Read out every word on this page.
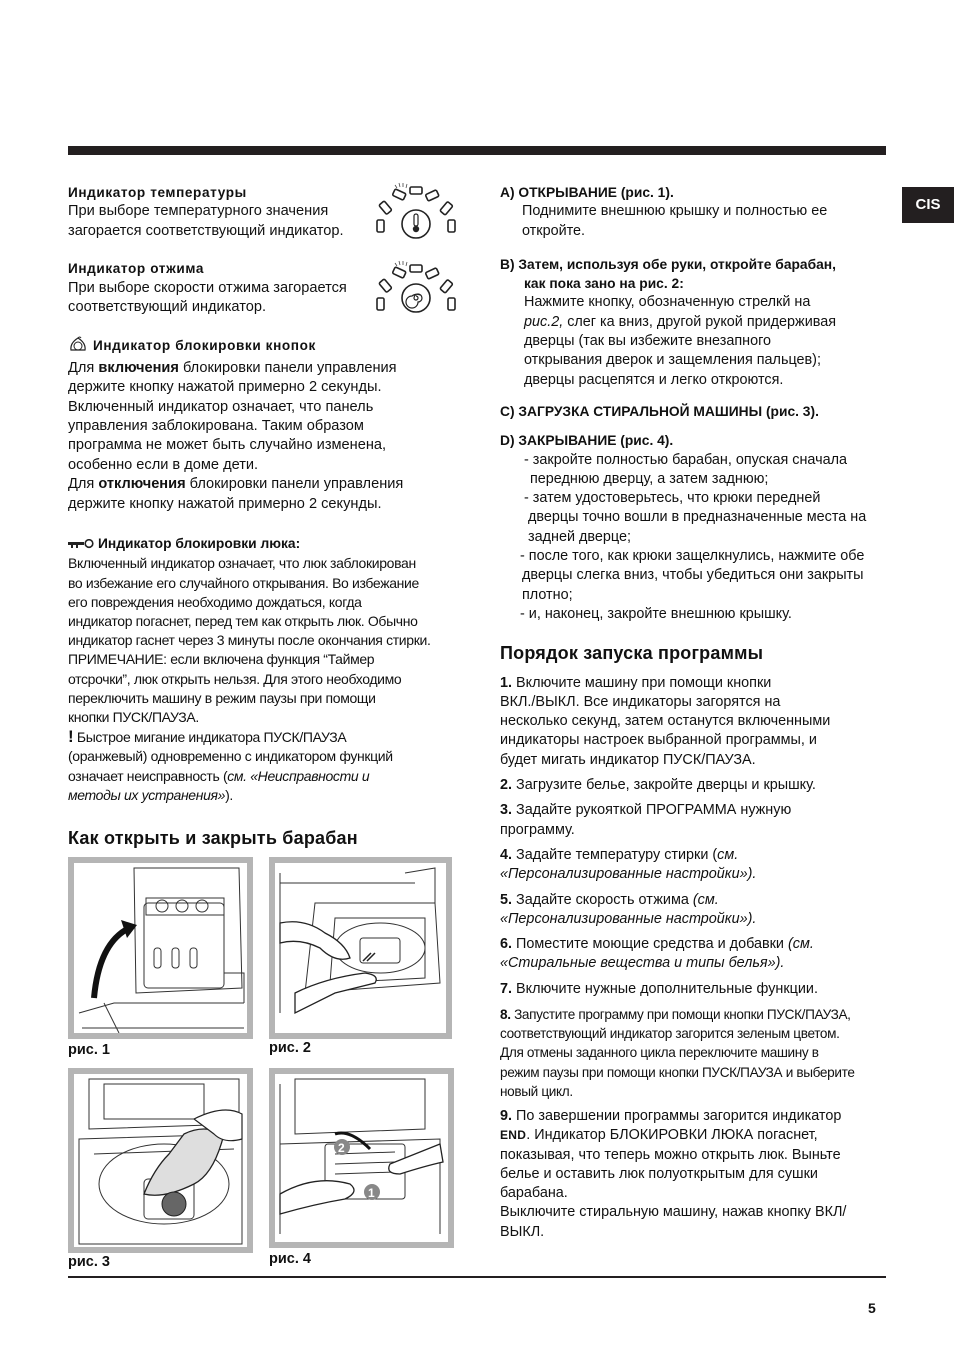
CIS

Индикатор температуры

При выборе температурного значения

загорается соответствующий индикатор.

Индикатор отжима

При выборе скорости отжима загорается

соответствующий индикатор.

Индикатор блокировки кнопок

Для включения блокировки панели управления

держите кнопку нажатой примерно 2 секунды.

Включенный индикатор означает, что панель

управления заблокирована. Таким образом

программа не может быть случайно изменена,

особенно если в доме дети.

Для отключения блокировки панели управления

держите кнопку нажатой примерно 2 секунды.

Индикатор блокировки люка:

Включенный индикатор означает, что люк заблокирован

во избежание его случайного открывания. Во избежание

его повреждения необходимо дождаться, когда

индикатор погаснет, перед тем как открыть люк. Обычно

индикатор гаснет через 3 минуты после окончания стирки.

ПРИМЕЧАНИЕ: если включена функция “Таймер

отсрочки”, люк открыть нельзя. Для этого необходимо

переключить машину в режим паузы при помощи

кнопки ПУСК/ПАУЗА.

! Быстрое мигание индикатора ПУСК/ПАУЗА

(оранжевый) одновременно с индикатором функций

означает неисправность (см. «Неисправности и

методы их устранения»).

Как открыть и закрыть барабан

рис. 1	рис. 2
рис. 3
2
1
рис. 4

A) ОТКРЫВАНИЕ (рис. 1).

Поднимите внешнюю крышку и полностью ее

откройте.

B) Затем, используя обе руки, откройте барабан,

как пока зано на рис. 2:

Нажмите кнопку, обозначенную стрелкй на

рис.2, слег ка вниз, другой рукой придерживая

дверцы (так вы избежите внезапного

открывания дверок и защемления пальцев);

дверцы расцепятся и легко откроются.

C) ЗАГРУЗКА СТИРАЛЬНОЙ МАШИНЫ (рис. 3).

D) ЗАКРЫВАНИЕ (рис. 4).

- закройте полностью барабан, опуская сначала

переднюю дверцу, а затем заднюю;

- затем удостоверьтесь, что крюки передней

дверцы точно вошли в предназначенные места на

задней дверце;

- после того, как крюки защелкнулись, нажмите обе

дверцы слегка вниз, чтобы убедиться они закрыты

плотно;

- и, наконец, закройте внешнюю крышку.

Порядок запуска программы

1. Включите машину при помощи кнопки

ВКЛ./ВЫКЛ. Все индикаторы загорятся на

несколько секунд, затем останутся включенными

индикаторы настроек выбранной программы, и

будет мигать индикатор ПУСК/ПАУЗА.

2. Загрузите белье, закройте дверцы и крышку.

3. Задайте рукояткой ПРОГРАММА нужную

программу.

4. Задайте температуру стирки (см.

«Персонализированные настройки»).

5. Задайте скорость отжима (см.

«Персонализированные настройки»).

6. Поместите моющие средства и добавки (см.

«Стиральные вещества и типы белья»).

7. Включите нужные дополнительные функции.

8. Запустите программу при помощи кнопки ПУСК/ПАУЗА,

соответствующий индикатор загорится зеленым цветом.

Для отмены заданного цикла переключите машину в

режим паузы при помощи кнопки ПУСК/ПАУЗА и выберите

новый цикл.

9. По завершении программы загорится индикатор

END. Индикатор БЛОКИРОВКИ ЛЮКА погаснет,

показывая, что теперь можно открыть люк. Выньте

белье и оставить люк полуоткрытым для сушки

барабана.

Выключите стиральную машину, нажав кнопку ВКЛ/

ВЫКЛ.

5
